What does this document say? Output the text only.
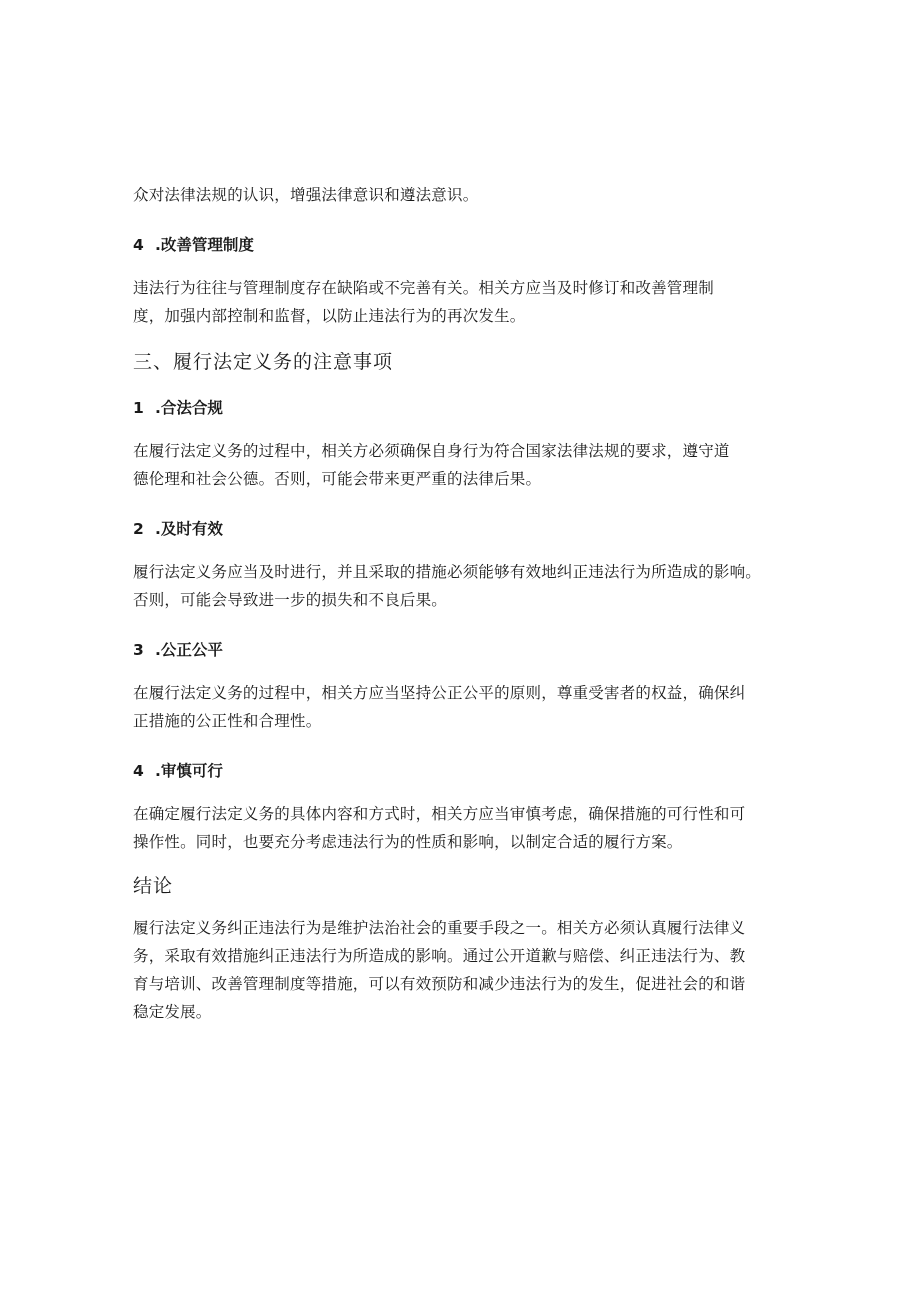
众对法律法规的认识，增强法律意识和遵法意识。

4 .改善管理制度

违法行为往往与管理制度存在缺陷或不完善有关。相关方应当及时修订和改善管理制
度，加强内部控制和监督，以防止违法行为的再次发生。

三、履行法定义务的注意事项
1 .合法合规

在履行法定义务的过程中，相关方必须确保自身行为符合国家法律法规的要求，遵守道
德伦理和社会公德。否则，可能会带来更严重的法律后果。

2 .及时有效

履行法定义务应当及时进行，并且采取的措施必须能够有效地纠正违法行为所造成的影响。
否则，可能会导致进一步的损失和不良后果。

3 .公正公平

在履行法定义务的过程中，相关方应当坚持公正公平的原则，尊重受害者的权益，确保纠
正措施的公正性和合理性。

4 .审慎可行

在确定履行法定义务的具体内容和方式时，相关方应当审慎考虑，确保措施的可行性和可
操作性。同时，也要充分考虑违法行为的性质和影响，以制定合适的履行方案。

结论

履行法定义务纠正违法行为是维护法治社会的重要手段之一。相关方必须认真履行法律义
务，采取有效措施纠正违法行为所造成的影响。通过公开道歉与赔偿、纠正违法行为、教
育与培训、改善管理制度等措施，可以有效预防和减少违法行为的发生，促进社会的和谐
稳定发展。
